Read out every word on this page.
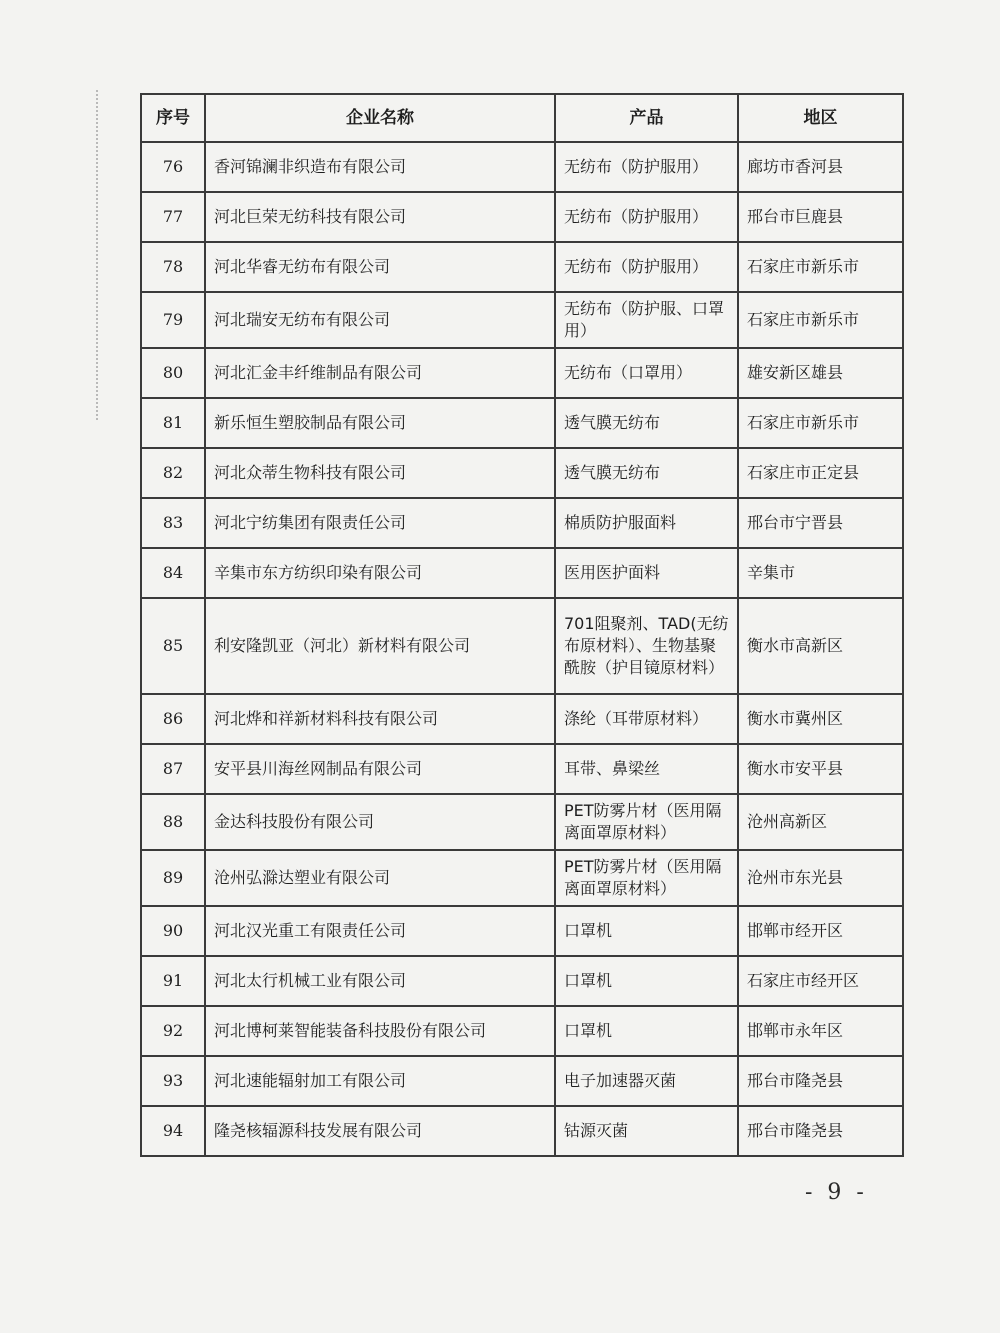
序号	企业名称	产品	地区
76	香河锦澜非织造布有限公司	无纺布（防护服用）	廊坊市香河县
77	河北巨荣无纺科技有限公司	无纺布（防护服用）	邢台市巨鹿县
78	河北华睿无纺布有限公司	无纺布（防护服用）	石家庄市新乐市
79	河北瑞安无纺布有限公司	无纺布（防护服、口罩用）	石家庄市新乐市
80	河北汇金丰纤维制品有限公司	无纺布（口罩用）	雄安新区雄县
81	新乐恒生塑胶制品有限公司	透气膜无纺布	石家庄市新乐市
82	河北众蒂生物科技有限公司	透气膜无纺布	石家庄市正定县
83	河北宁纺集团有限责任公司	棉质防护服面料	邢台市宁晋县
84	辛集市东方纺织印染有限公司	医用医护面料	辛集市
85	利安隆凯亚（河北）新材料有限公司	701阻聚剂、TAD(无纺布原材料）、生物基聚酰胺（护目镜原材料）	衡水市高新区
86	河北烨和祥新材料科技有限公司	涤纶（耳带原材料）	衡水市冀州区
87	安平县川海丝网制品有限公司	耳带、鼻梁丝	衡水市安平县
88	金达科技股份有限公司	PET防雾片材（医用隔离面罩原材料）	沧州高新区
89	沧州弘滁达塑业有限公司	PET防雾片材（医用隔离面罩原材料）	沧州市东光县
90	河北汉光重工有限责任公司	口罩机	邯郸市经开区
91	河北太行机械工业有限公司	口罩机	石家庄市经开区
92	河北博柯莱智能装备科技股份有限公司	口罩机	邯郸市永年区
93	河北速能辐射加工有限公司	电子加速器灭菌	邢台市隆尧县
94	隆尧核辐源科技发展有限公司	钴源灭菌	邢台市隆尧县
- 9 -
